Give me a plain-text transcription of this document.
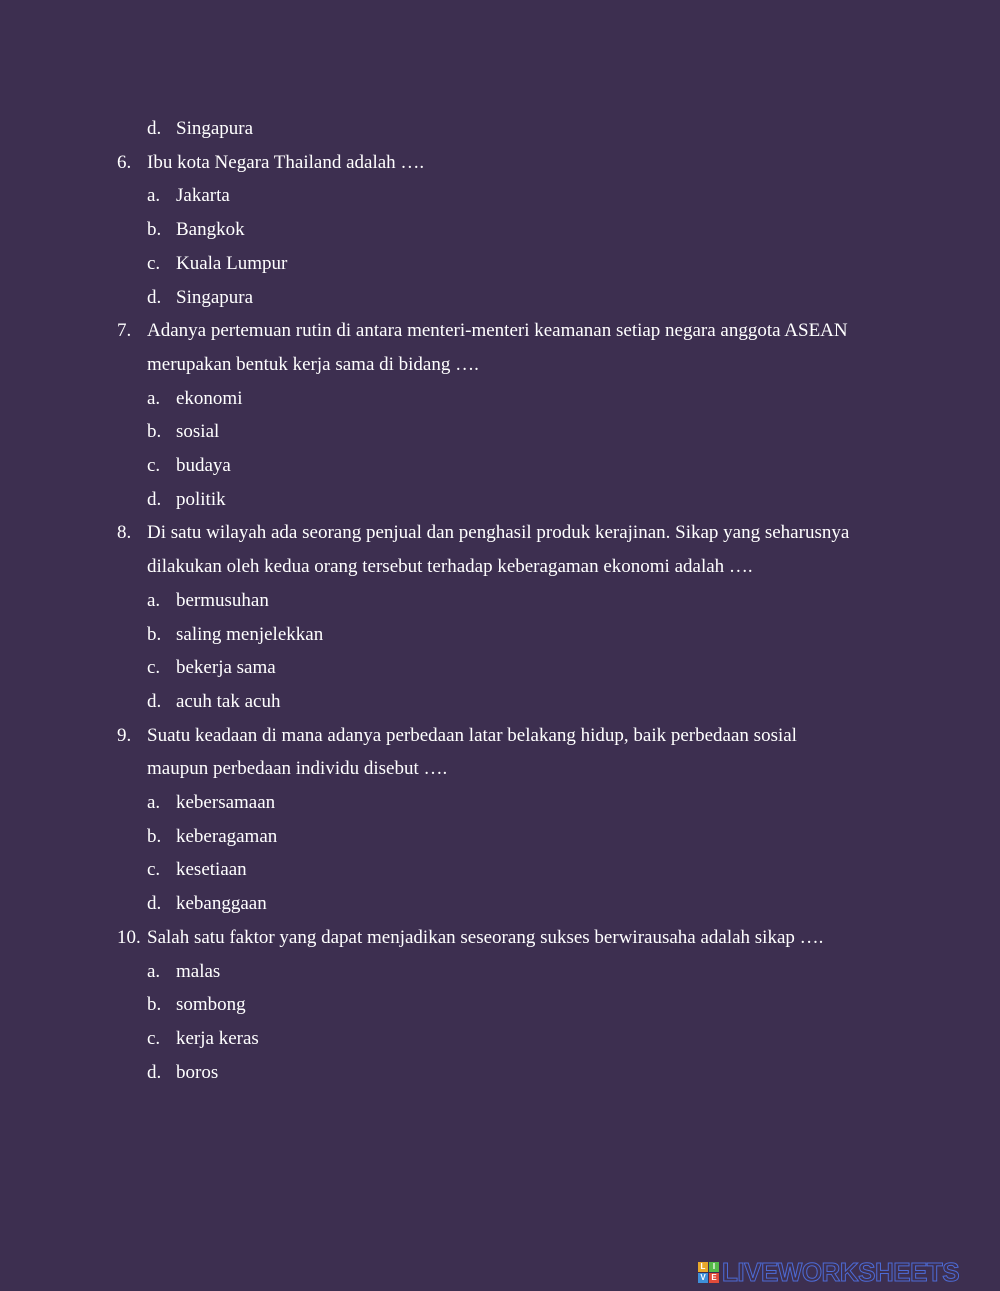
d. Singapura
6. Ibu kota Negara Thailand adalah ….
a. Jakarta
b. Bangkok
c. Kuala Lumpur
d. Singapura
7. Adanya pertemuan rutin di antara menteri-menteri keamanan setiap negara anggota ASEAN
merupakan bentuk kerja sama di bidang ….
a. ekonomi
b. sosial
c. budaya
d. politik
8. Di satu wilayah ada seorang penjual dan penghasil produk kerajinan. Sikap yang seharusnya
dilakukan oleh kedua orang tersebut terhadap keberagaman ekonomi adalah ….
a. bermusuhan
b. saling menjelekkan
c. bekerja sama
d. acuh tak acuh
9. Suatu keadaan di mana adanya perbedaan latar belakang hidup, baik perbedaan sosial
maupun perbedaan individu disebut ….
a. kebersamaan
b. keberagaman
c. kesetiaan
d. kebanggaan
10. Salah satu faktor yang dapat menjadikan seseorang sukses berwirausaha adalah sikap ….
a. malas
b. sombong
c. kerja keras
d. boros
L I
V E LIVEWORKSHEETS
